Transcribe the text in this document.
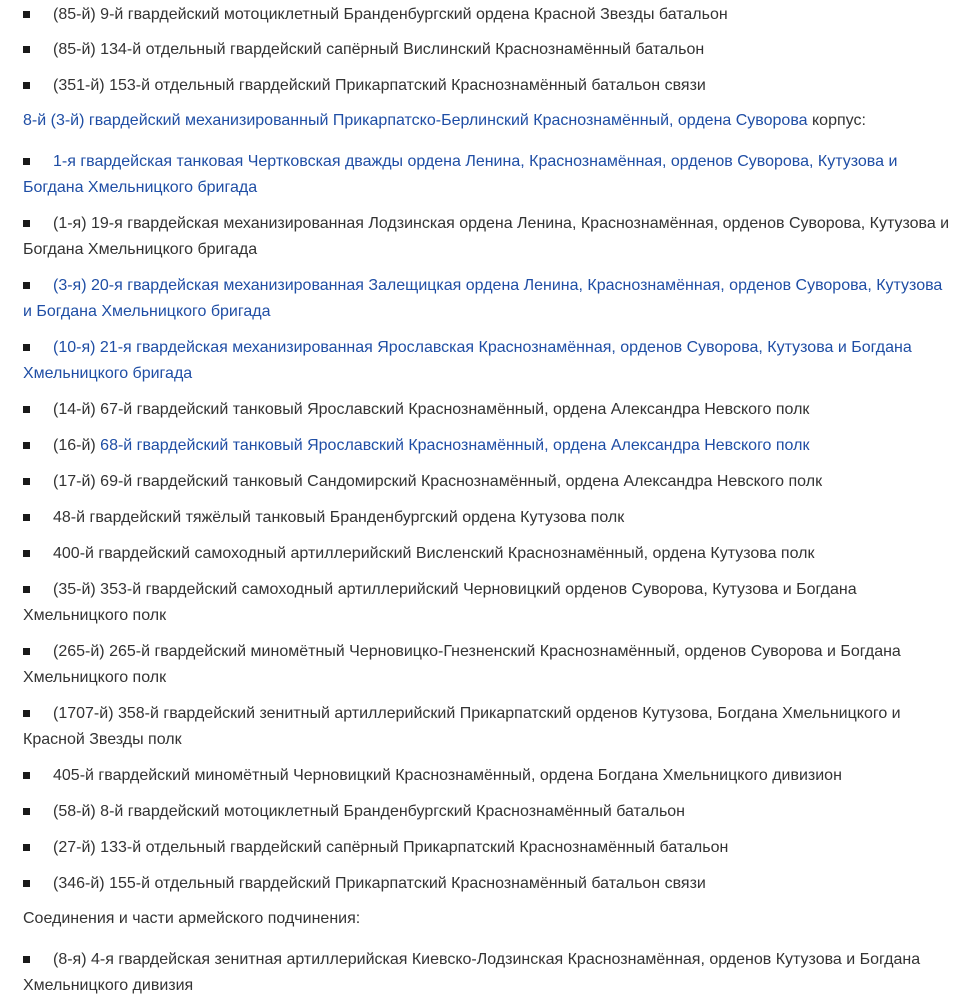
(85-й) 9-й гвардейский мотоциклетный Бранденбургский ордена Красной Звезды батальон
(85-й) 134-й отдельный гвардейский сапёрный Вислинский Краснознамённый батальон
(351-й) 153-й отдельный гвардейский Прикарпатский Краснознамённый батальон связи
8-й (3-й) гвардейский механизированный Прикарпатско-Берлинский Краснознамённый, ордена Суворова корпус:
1-я гвардейская танковая Чертковская дважды ордена Ленина, Краснознамённая, орденов Суворова, Кутузова и Богдана Хмельницкого бригада
(1-я) 19-я гвардейская механизированная Лодзинская ордена Ленина, Краснознамённая, орденов Суворова, Кутузова и Богдана Хмельницкого бригада
(3-я) 20-я гвардейская механизированная Залещицкая ордена Ленина, Краснознамённая, орденов Суворова, Кутузова и Богдана Хмельницкого бригада
(10-я) 21-я гвардейская механизированная Ярославская Краснознамённая, орденов Суворова, Кутузова и Богдана Хмельницкого бригада
(14-й) 67-й гвардейский танковый Ярославский Краснознамённый, ордена Александра Невского полк
(16-й) 68-й гвардейский танковый Ярославский Краснознамённый, ордена Александра Невского полк
(17-й) 69-й гвардейский танковый Сандомирский Краснознамённый, ордена Александра Невского полк
48-й гвардейский тяжёлый танковый Бранденбургский ордена Кутузова полк
400-й гвардейский самоходный артиллерийский Висленский Краснознамённый, ордена Кутузова полк
(35-й) 353-й гвардейский самоходный артиллерийский Черновицкий орденов Суворова, Кутузова и Богдана Хмельницкого полк
(265-й) 265-й гвардейский миномётный Черновицко-Гнезненский Краснознамённый, орденов Суворова и Богдана Хмельницкого полк
(1707-й) 358-й гвардейский зенитный артиллерийский Прикарпатский орденов Кутузова, Богдана Хмельницкого и Красной Звезды полк
405-й гвардейский миномётный Черновицкий Краснознамённый, ордена Богдана Хмельницкого дивизион
(58-й) 8-й гвардейский мотоциклетный Бранденбургский Краснознамённый батальон
(27-й) 133-й отдельный гвардейский сапёрный Прикарпатский Краснознамённый батальон
(346-й) 155-й отдельный гвардейский Прикарпатский Краснознамённый батальон связи
Соединения и части армейского подчинения:
(8-я) 4-я гвардейская зенитная артиллерийская Киевско-Лодзинская Краснознамённая, орденов Кутузова и Богдана Хмельницкого дивизия
